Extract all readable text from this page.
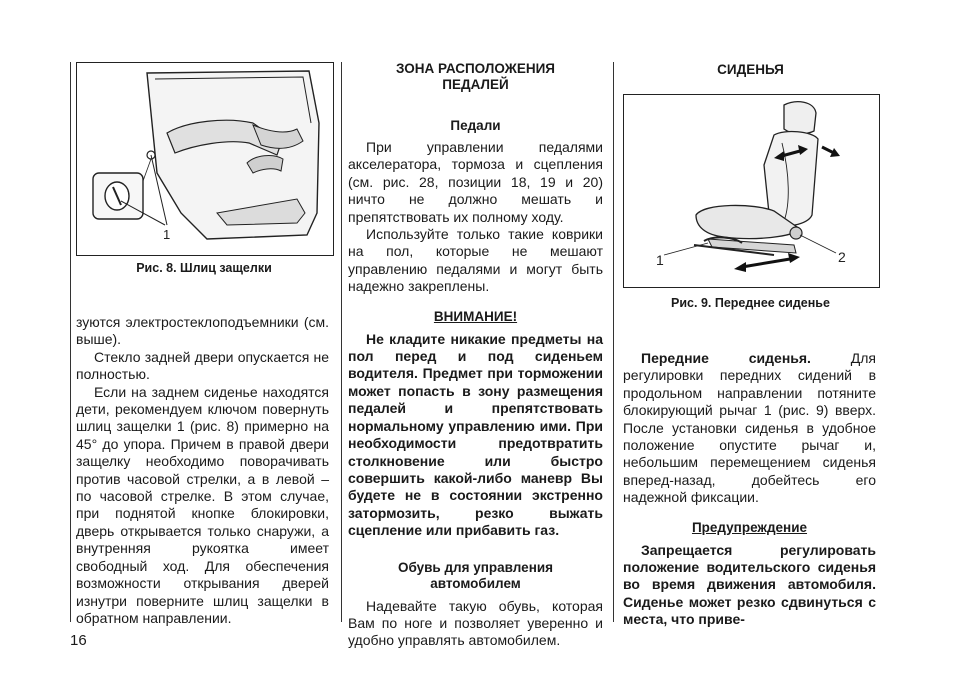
1
Рис. 8. Шлиц защелки

зуются электростеклоподъемники (см. выше).

Стекло задней двери опускается не полностью.

Если на заднем сиденье находятся дети, рекомендуем ключом повернуть шлиц защелки 1 (рис. 8) примерно на 45° до упора. Причем в правой двери защелку необходимо поворачивать против часовой стрелки, а в левой – по часовой стрелке. В этом случае, при поднятой кнопке блокировки, дверь открывается только снаружи, а внутренняя рукоятка имеет свободный ход. Для обеспечения возможности открывания дверей изнутри поверните шлиц защелки в обратном направлении.

ЗОНА РАСПОЛОЖЕНИЯ ПЕДАЛЕЙ

Педали

При управлении педалями акселератора, тормоза и сцепления (см. рис. 28, позиции 18, 19 и 20) ничто не должно мешать и препятствовать их полному ходу.

Используйте только такие коврики на пол, которые не мешают управлению педалями и могут быть надежно закреплены.

ВНИМАНИЕ!

Не кладите никакие предметы на пол перед и под сиденьем водителя. Предмет при торможении может попасть в зону размещения педалей и препятствовать нормальному управлению ими. При необходимости предотвратить столкновение или быстро совершить какой-либо маневр Вы будете не в состоянии экстренно затормозить, резко выжать сцепление или прибавить газ.

Обувь для управления автомобилем

Надевайте такую обувь, которая Вам по ноге и позволяет уверенно и удобно управлять автомобилем.

СИДЕНЬЯ
1	2
Рис. 9. Переднее сиденье

Передние сиденья. Для регулировки передних сидений в продольном направлении потяните блокирующий рычаг 1 (рис. 9) вверх. После установки сиденья в удобное положение опустите рычаг и, небольшим перемещением сиденья вперед-назад, добейтесь его надежной фиксации.

Предупреждение

Запрещается регулировать положение водительского сиденья во время движения автомобиля. Сиденье может резко сдвинуться с места, что приве-

16
